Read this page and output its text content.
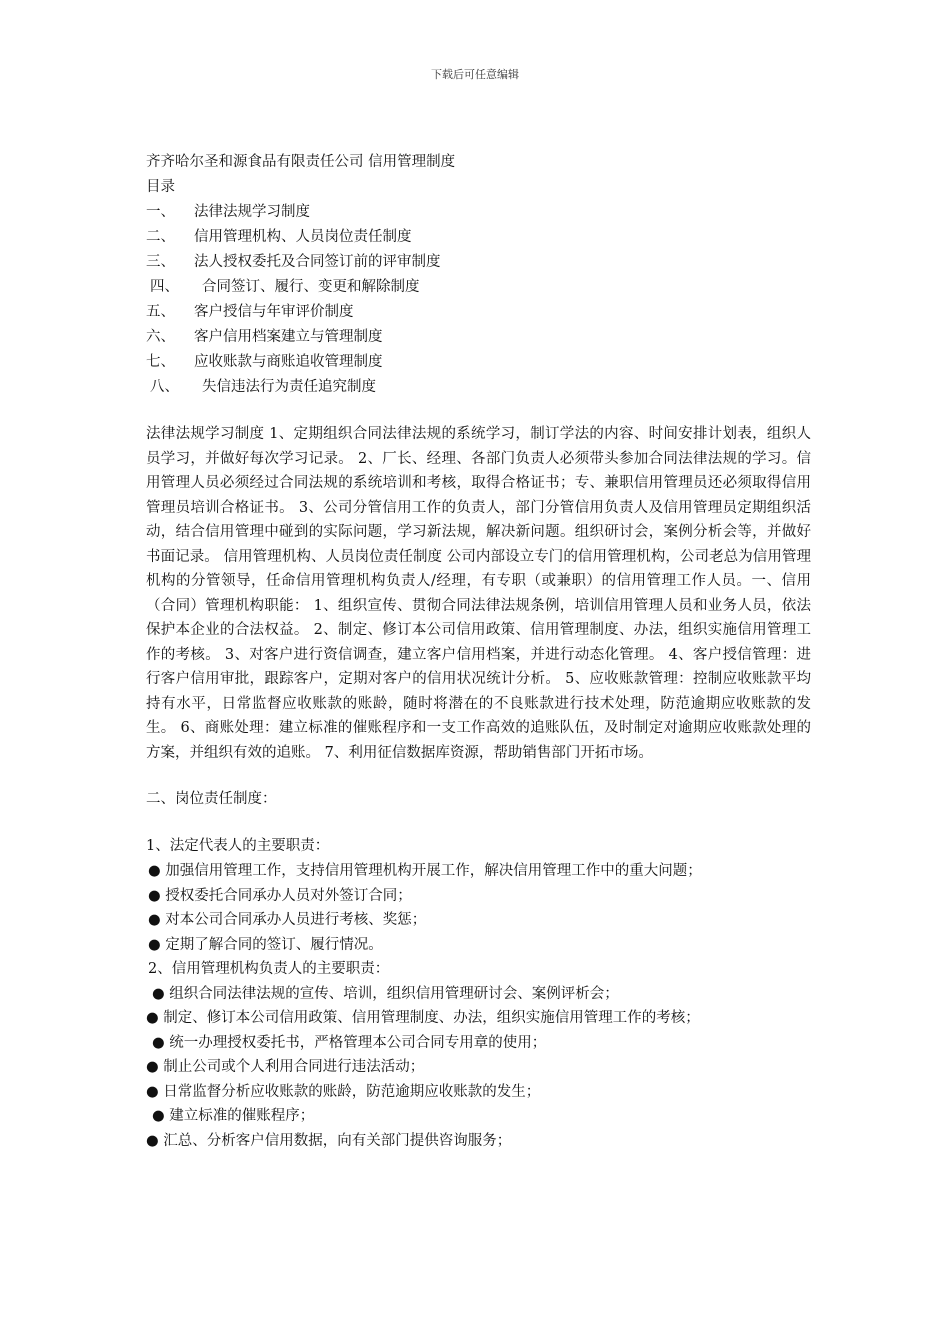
下载后可任意编辑
齐齐哈尔圣和源食品有限责任公司 信用管理制度
目录
一、 法律法规学习制度
二、 信用管理机构、人员岗位责任制度
三、 法人授权委托及合同签订前的评审制度
四、 合同签订、履行、变更和解除制度
五、 客户授信与年审评价制度
六、 客户信用档案建立与管理制度
七、 应收账款与商账追收管理制度
八、 失信违法行为责任追究制度
法律法规学习制度 1、定期组织合同法律法规的系统学习，制订学法的内容、时间安排计划表，组织人员学习，并做好每次学习记录。 2、厂长、经理、各部门负责人必须带头参加合同法律法规的学习。信用管理人员必须经过合同法规的系统培训和考核，取得合格证书；专、兼职信用管理员还必须取得信用管理员培训合格证书。 3、公司分管信用工作的负责人，部门分管信用负责人及信用管理员定期组织活动，结合信用管理中碰到的实际问题，学习新法规，解决新问题。组织研讨会，案例分析会等，并做好书面记录。 信用管理机构、人员岗位责任制度 公司内部设立专门的信用管理机构，公司老总为信用管理机构的分管领导，任命信用管理机构负责人/经理，有专职（或兼职）的信用管理工作人员。一、信用（合同）管理机构职能： 1、组织宣传、贯彻合同法律法规条例，培训信用管理人员和业务人员，依法保护本企业的合法权益。 2、制定、修订本公司信用政策、信用管理制度、办法，组织实施信用管理工作的考核。 3、对客户进行资信调查，建立客户信用档案，并进行动态化管理。 4、客户授信管理：进行客户信用审批，跟踪客户，定期对客户的信用状况统计分析。 5、应收账款管理：控制应收账款平均持有水平，日常监督应收账款的账龄，随时将潜在的不良账款进行技术处理，防范逾期应收账款的发生。 6、商账处理：建立标准的催账程序和一支工作高效的追账队伍，及时制定对逾期应收账款处理的方案，并组织有效的追账。 7、利用征信数据库资源，帮助销售部门开拓市场。
二、岗位责任制度：
1、法定代表人的主要职责：
● 加强信用管理工作，支持信用管理机构开展工作，解决信用管理工作中的重大问题；
● 授权委托合同承办人员对外签订合同；
● 对本公司合同承办人员进行考核、奖惩；
● 定期了解合同的签订、履行情况。
2、信用管理机构负责人的主要职责：
● 组织合同法律法规的宣传、培训，组织信用管理研讨会、案例评析会；
● 制定、修订本公司信用政策、信用管理制度、办法，组织实施信用管理工作的考核；
● 统一办理授权委托书，严格管理本公司合同专用章的使用；
● 制止公司或个人利用合同进行违法活动；
● 日常监督分析应收账款的账龄，防范逾期应收账款的发生；
● 建立标准的催账程序；
● 汇总、分析客户信用数据，向有关部门提供咨询服务；
